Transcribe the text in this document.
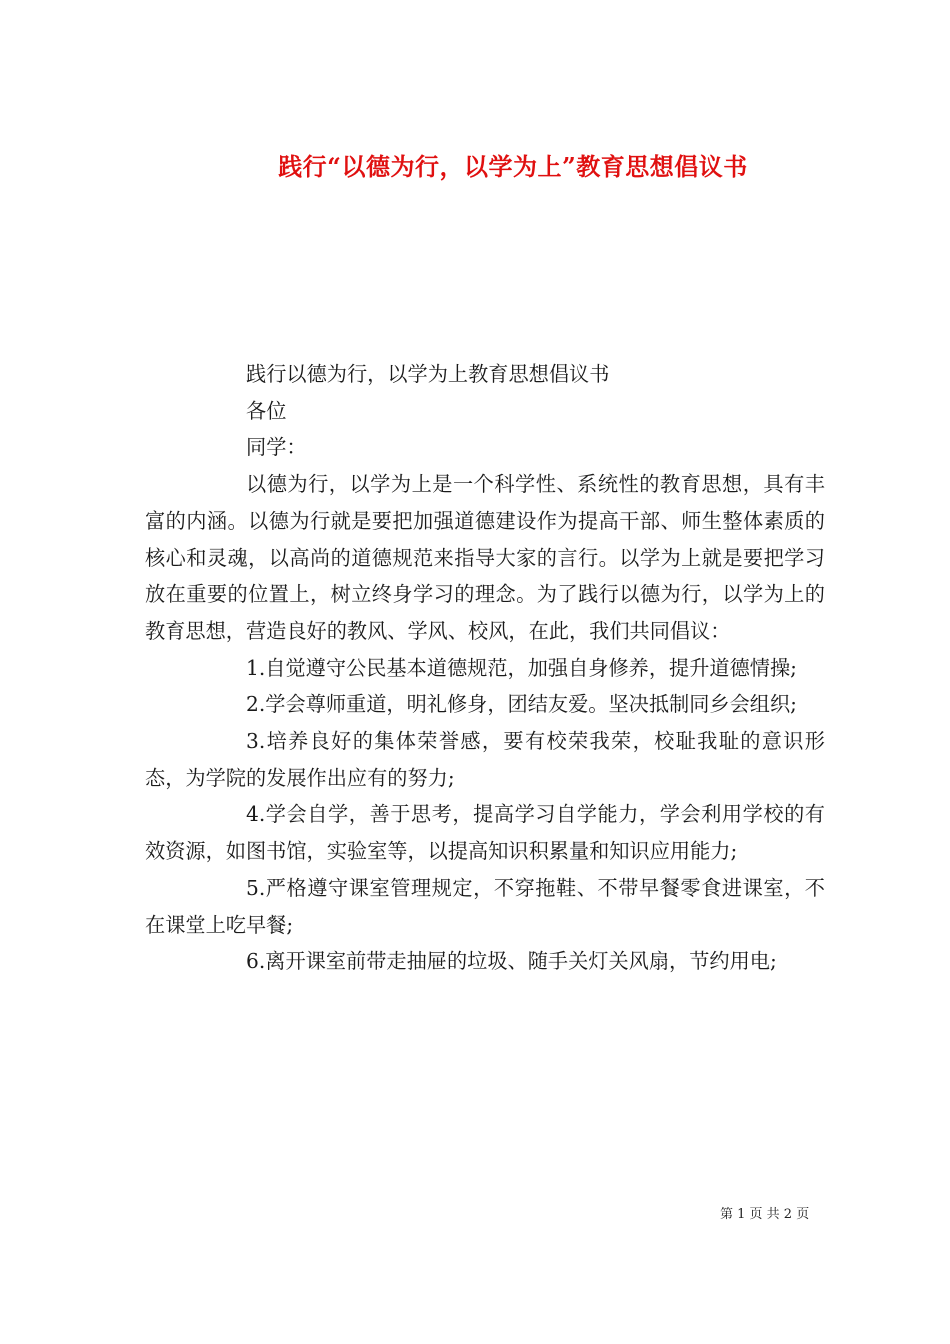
践行“以德为行，以学为上”教育思想倡议书

践行以德为行，以学为上教育思想倡议书

各位

同学：

以德为行，以学为上是一个科学性、系统性的教育思想，具有丰富的内涵。以德为行就是要把加强道德建设作为提高干部、师生整体素质的核心和灵魂，以高尚的道德规范来指导大家的言行。以学为上就是要把学习放在重要的位置上，树立终身学习的理念。为了践行以德为行，以学为上的教育思想，营造良好的教风、学风、校风，在此，我们共同倡议：

1.自觉遵守公民基本道德规范，加强自身修养，提升道德情操;

2.学会尊师重道，明礼修身，团结友爱。坚决抵制同乡会组织;

3.培养良好的集体荣誉感，要有校荣我荣，校耻我耻的意识形态，为学院的发展作出应有的努力;

4.学会自学，善于思考，提高学习自学能力，学会利用学校的有效资源，如图书馆，实验室等，以提高知识积累量和知识应用能力;

5.严格遵守课室管理规定，不穿拖鞋、不带早餐零食进课室，不在课堂上吃早餐;

6.离开课室前带走抽屉的垃圾、随手关灯关风扇，节约用电;

第 1 页 共 2 页
